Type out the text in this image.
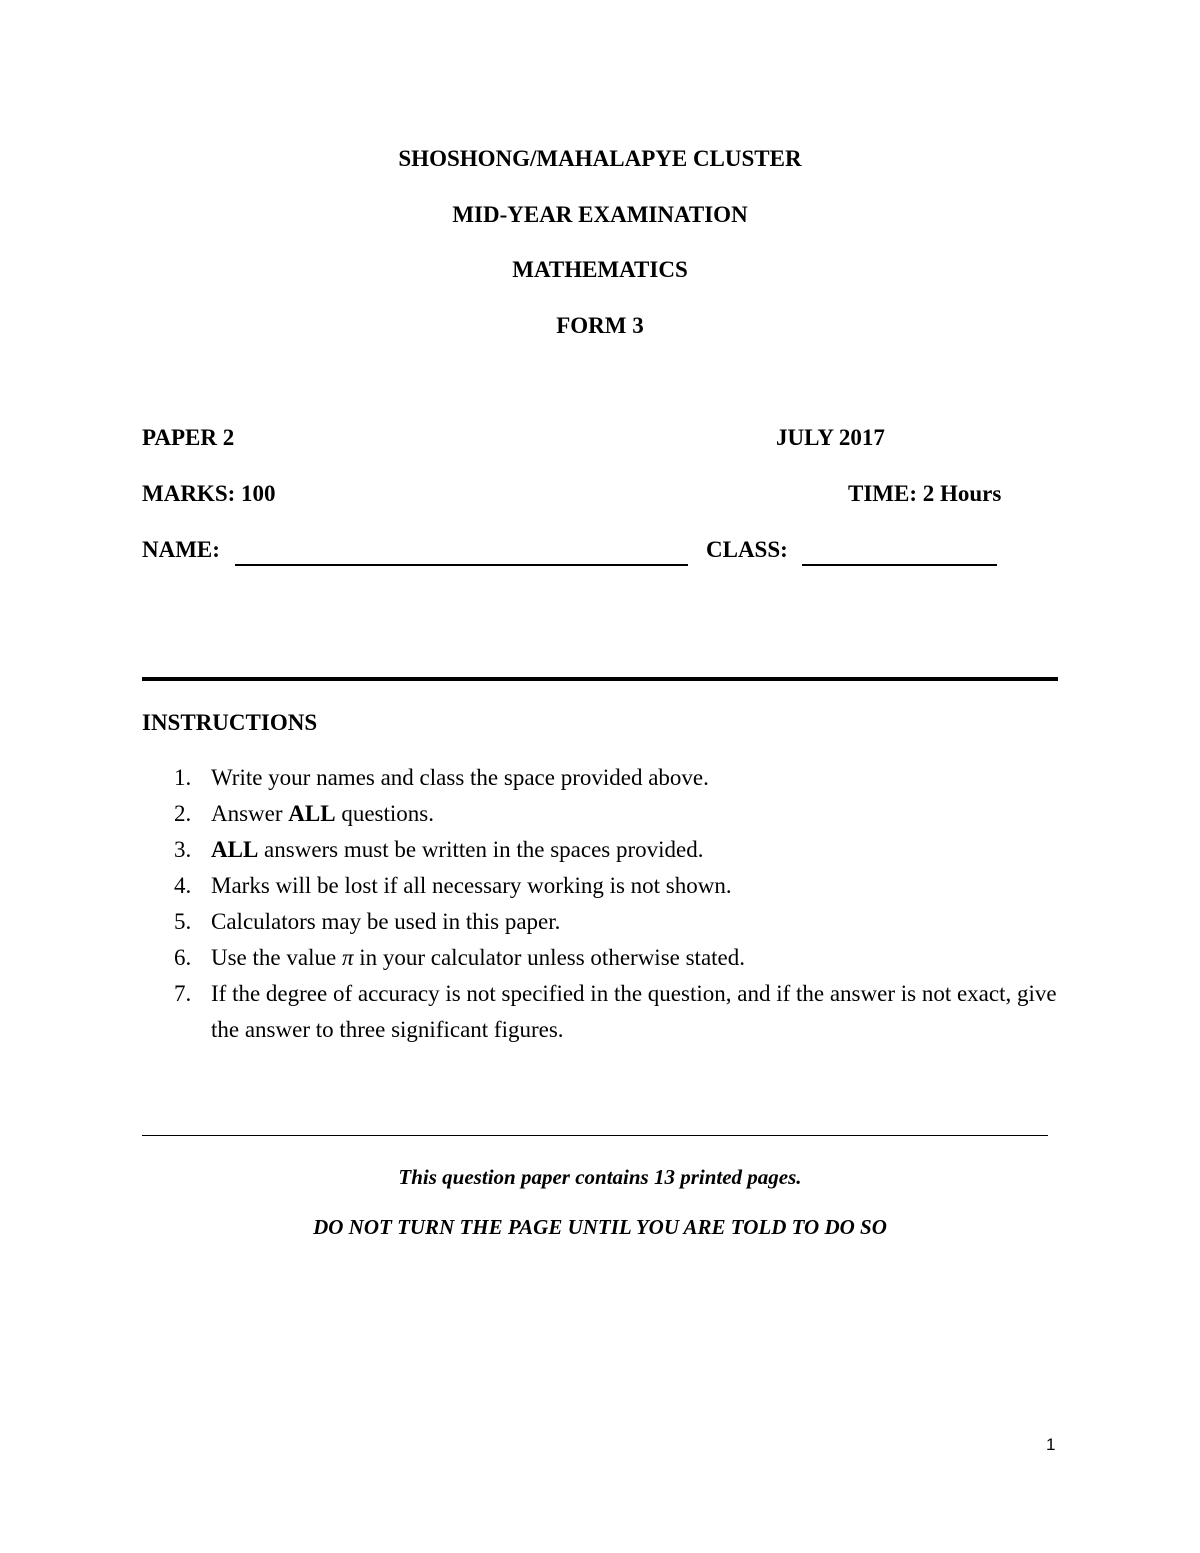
SHOSHONG/MAHALAPYE CLUSTER
MID-YEAR EXAMINATION
MATHEMATICS
FORM 3
PAPER 2	JULY 2017
MARKS: 100	TIME: 2 Hours
NAME:	CLASS:
INSTRUCTIONS
1. Write your names and class the space provided above.
2. Answer ALL questions.
3. ALL answers must be written in the spaces provided.
4. Marks will be lost if all necessary working is not shown.
5. Calculators may be used in this paper.
6. Use the value π in your calculator unless otherwise stated.
7. If the degree of accuracy is not specified in the question, and if the answer is not exact, give the answer to three significant figures.
This question paper contains 13 printed pages.
DO NOT TURN THE PAGE UNTIL YOU ARE TOLD TO DO SO
1
